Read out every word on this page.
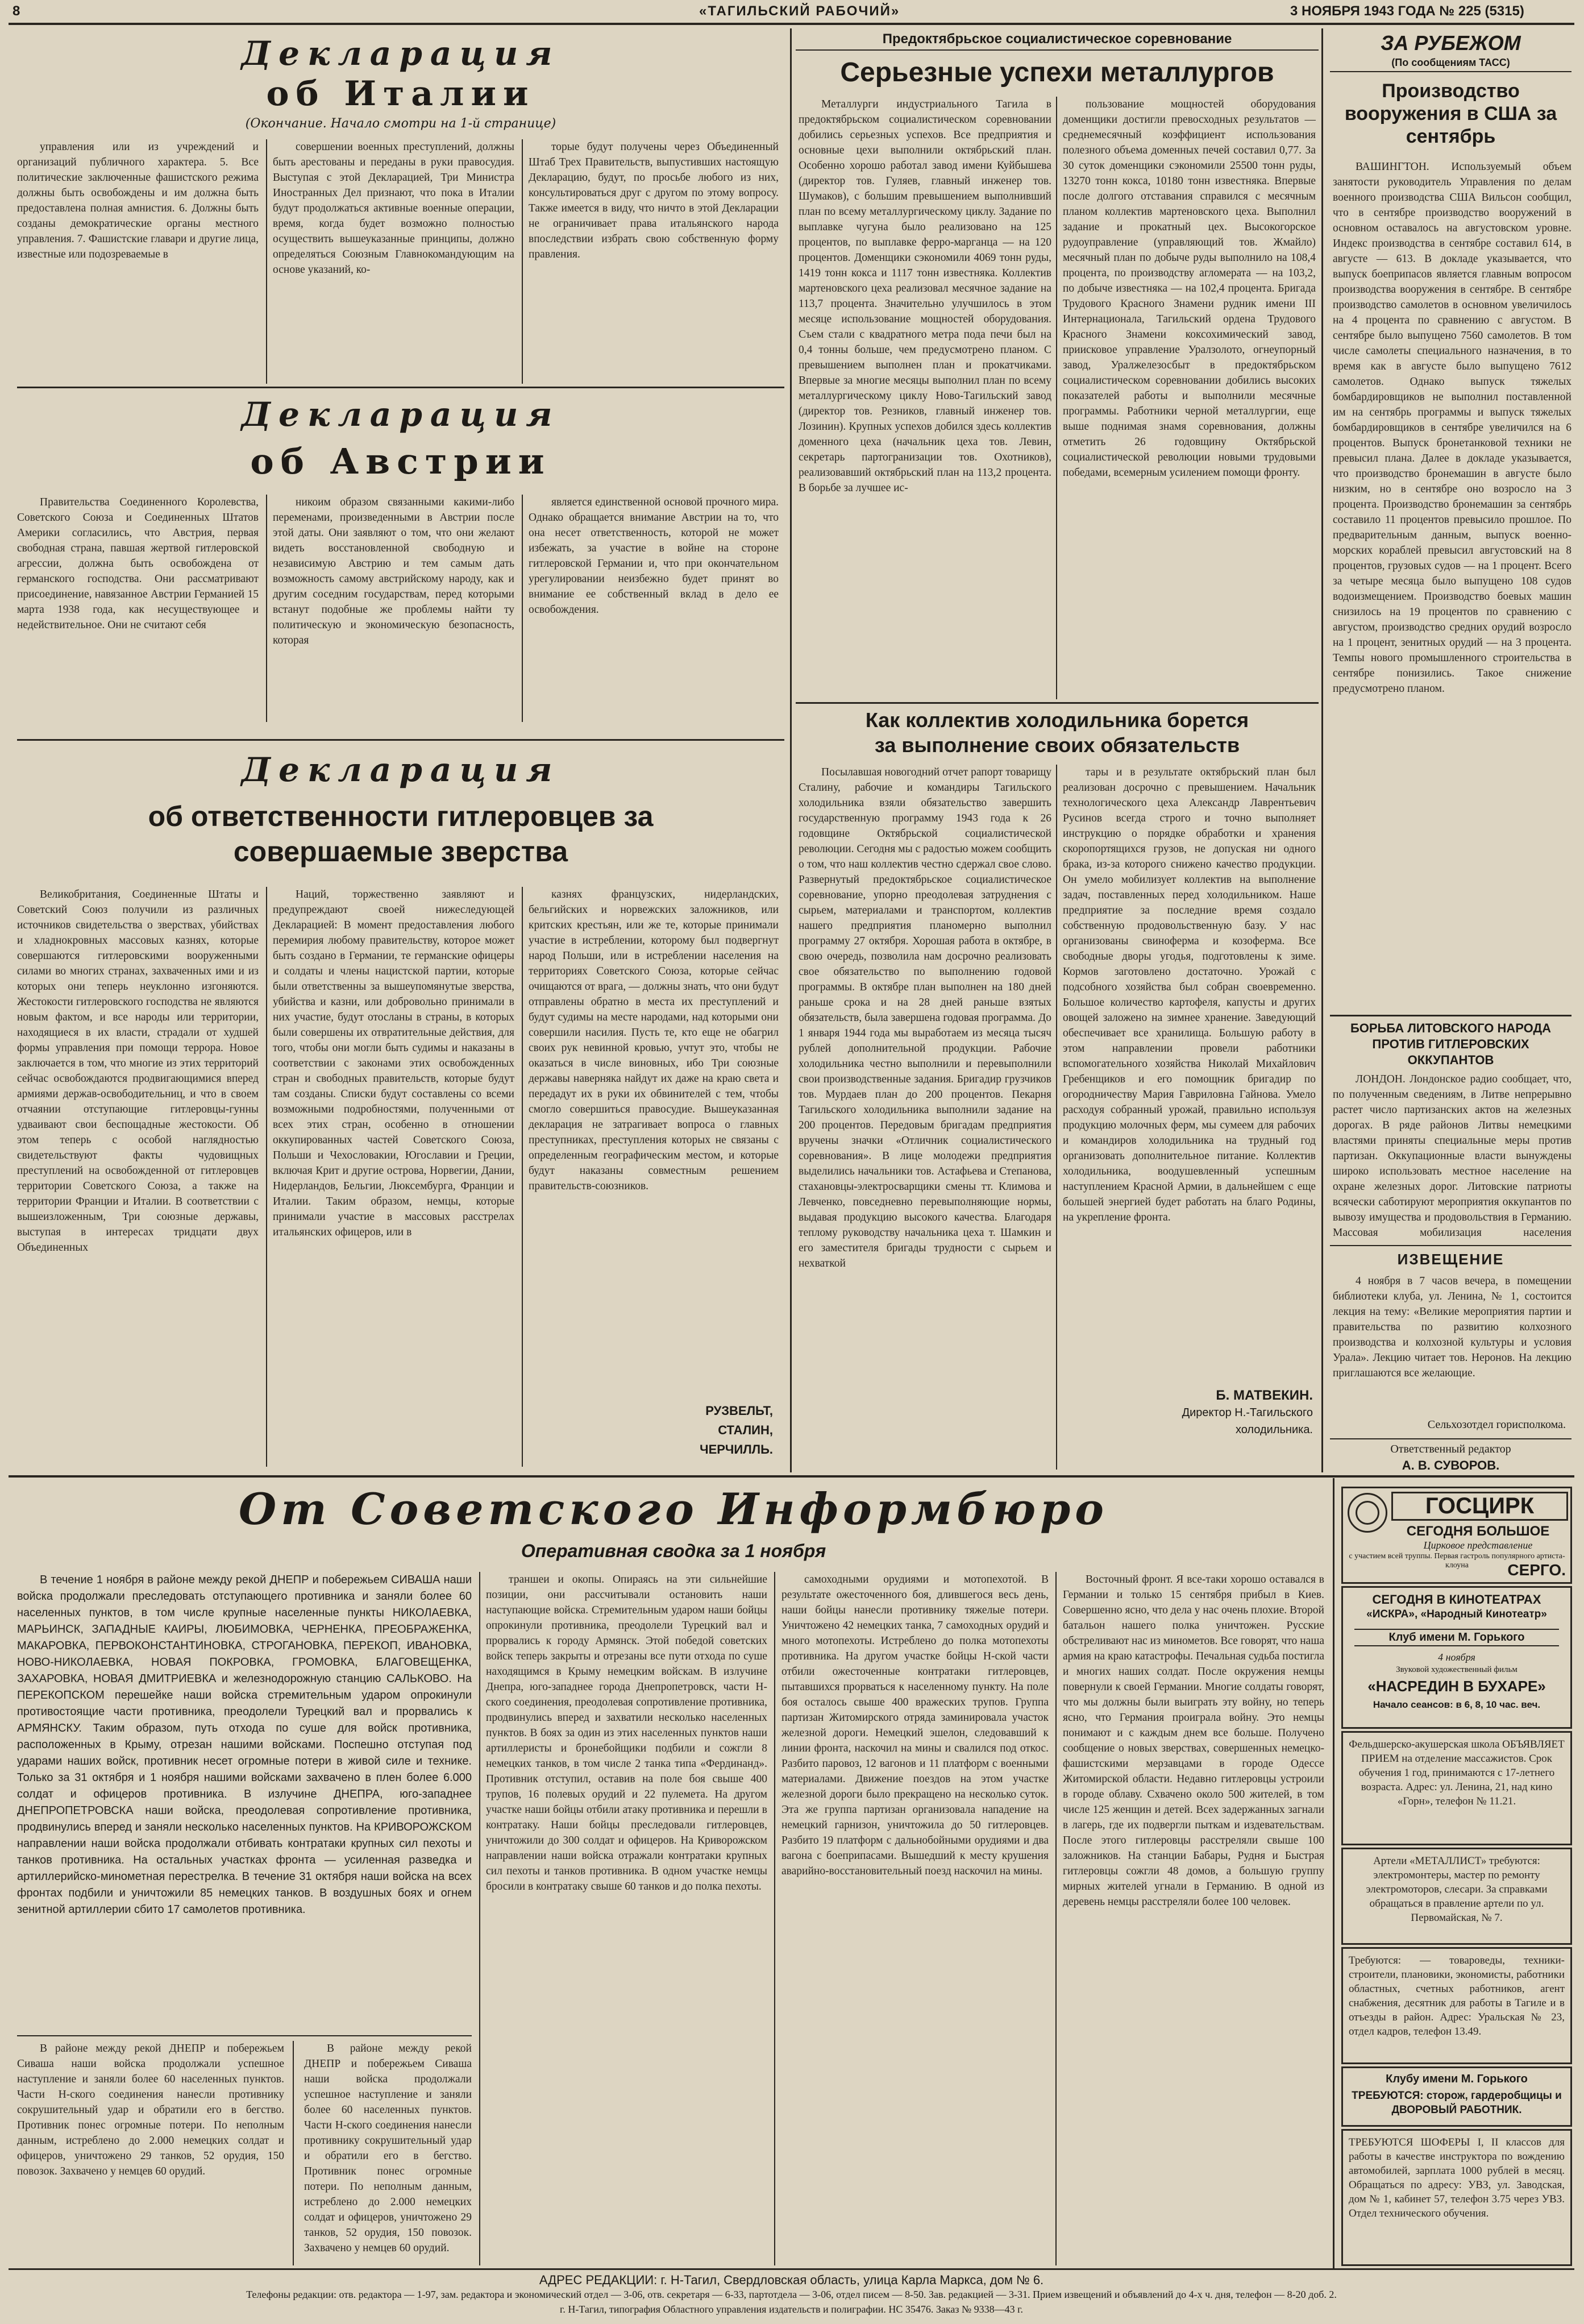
8	«ТАГИЛЬСКИЙ РАБОЧИЙ»	3 НОЯБРЯ 1943 ГОДА № 225 (5315)
Декларация
об Италии
(Окончание. Начало смотри на 1-й странице)
управления или из учреждений и организаций публичного характера. 5. Все политические заключенные фашистского режима должны быть освобождены и им должна быть предоставлена полная амнистия. 6. Должны быть созданы демократические органы местного управления. 7. Фашистские главари и другие лица, известные или подозреваемые в
совершении военных преступлений, должны быть арестованы и переданы в руки правосудия. Выступая с этой Декларацией, Три Министра Иностранных Дел признают, что пока в Италии будут продолжаться активные военные операции, время, когда будет возможно полностью осуществить вышеуказанные принципы, должно определяться Союзным Главнокомандующим на основе указаний, ко-
торые будут получены через Объединенный Штаб Трех Правительств, выпустивших настоящую Декларацию, будут, по просьбе любого из них, консультироваться друг с другом по этому вопросу. Также имеется в виду, что ничто в этой Декларации не ограничивает права итальянского народа впоследствии избрать свою собственную форму правления.
Декларация
об Австрии
Правительства Соединенного Королевства, Советского Союза и Соединенных Штатов Америки согласились, что Австрия, первая свободная страна, павшая жертвой гитлеровской агрессии, должна быть освобождена от германского господства. Они рассматривают присоединение, навязанное Австрии Германией 15 марта 1938 года, как несуществующее и недействительное. Они не считают себя
никоим образом связанными какими-либо переменами, произведенными в Австрии после этой даты. Они заявляют о том, что они желают видеть восстановленной свободную и независимую Австрию и тем самым дать возможность самому австрийскому народу, как и другим соседним государствам, перед которыми встанут подобные же проблемы найти ту политическую и экономическую безопасность, которая
является единственной основой прочного мира. Однако обращается внимание Австрии на то, что она несет ответственность, которой не может избежать, за участие в войне на стороне гитлеровской Германии и, что при окончательном урегулировании неизбежно будет принят во внимание ее собственный вклад в дело ее освобождения.
Декларация
об ответственности гитлеровцев за совершаемые зверства
Великобритания, Соединенные Штаты и Советский Союз получили из различных источников свидетельства о зверствах, убийствах и хладнокровных массовых казнях, которые совершаются гитлеровскими вооруженными силами во многих странах, захваченных ими и из которых они теперь неуклонно изгоняются. Жестокости гитлеровского господства не являются новым фактом, и все народы или территории, находящиеся в их власти, страдали от худшей формы управления при помощи террора. Новое заключается в том, что многие из этих территорий сейчас освобождаются продвигающимися вперед армиями держав-освободительниц, и что в своем отчаянии отступающие гитлеровцы-гунны удваивают свои беспощадные жестокости. Об этом теперь с особой наглядностью свидетельствуют факты чудовищных преступлений на освобожденной от гитлеровцев территории Советского Союза, а также на территории Франции и Италии. В соответствии с вышеизложенным, Три союзные державы, выступая в интересах тридцати двух Объединенных
Наций, торжественно заявляют и предупреждают своей нижеследующей Декларацией: В момент предоставления любого перемирия любому правительству, которое может быть создано в Германии, те германские офицеры и солдаты и члены нацистской партии, которые были ответственны за вышеупомянутые зверства, убийства и казни, или добровольно принимали в них участие, будут отосланы в страны, в которых были совершены их отвратительные действия, для того, чтобы они могли быть судимы и наказаны в соответствии с законами этих освобожденных стран и свободных правительств, которые будут там созданы. Списки будут составлены со всеми возможными подробностями, полученными от всех этих стран, особенно в отношении оккупированных частей Советского Союза, Польши и Чехословакии, Югославии и Греции, включая Крит и другие острова, Норвегии, Дании, Нидерландов, Бельгии, Люксембурга, Франции и Италии. Таким образом, немцы, которые принимали участие в массовых расстрелах итальянских офицеров, или в
казнях французских, нидерландских, бельгийских и норвежских заложников, или критских крестьян, или же те, которые принимали участие в истреблении, которому был подвергнут народ Польши, или в истреблении населения на территориях Советского Союза, которые сейчас очищаются от врага, — должны знать, что они будут отправлены обратно в места их преступлений и будут судимы на месте народами, над которыми они совершили насилия. Пусть те, кто еще не обагрил своих рук невинной кровью, учтут это, чтобы не оказаться в числе виновных, ибо Три союзные державы наверняка найдут их даже на краю света и передадут их в руки их обвинителей с тем, чтобы смогло совершиться правосудие. Вышеуказанная декларация не затрагивает вопроса о главных преступниках, преступления которых не связаны с определенным географическим местом, и которые будут наказаны совместным решением правительств-союзников.
РУЗВЕЛЬТ,
СТАЛИН,
ЧЕРЧИЛЛЬ.
Предоктябрьское социалистическое соревнование
Серьезные успехи металлургов
Металлурги индустриального Тагила в предоктябрьском социалистическом соревновании добились серьезных успехов. Все предприятия и основные цехи выполнили октябрьский план. Особенно хорошо работал завод имени Куйбышева (директор тов. Гуляев, главный инженер тов. Шумаков), с большим превышением выполнивший план по всему металлургическому циклу. Задание по выплавке чугуна было реализовано на 125 процентов, по выплавке ферро-марганца — на 120 процентов. Доменщики сэкономили 4069 тонн руды, 1419 тонн кокса и 1117 тонн известняка. Коллектив мартеновского цеха реализовал месячное задание на 113,7 процента. Значительно улучшилось в этом месяце использование мощностей оборудования. Съем стали с квадратного метра пода печи был на 0,4 тонны больше, чем предусмотрено планом. С превышением выполнен план и прокатчиками. Впервые за многие месяцы выполнил план по всему металлургическому циклу Ново-Тагильский завод (директор тов. Резников, главный инженер тов. Лозинин). Крупных успехов добился здесь коллектив доменного цеха (начальник цеха тов. Левин, секретарь партогранизации тов. Охотников), реализовавший октябрьский план на 113,2 процента. В борьбе за лучшее ис-
пользование мощностей оборудования доменщики достигли превосходных результатов — среднемесячный коэффициент использования полезного объема доменных печей составил 0,77. За 30 суток доменщики сэкономили 25500 тонн руды, 13270 тонн кокса, 10180 тонн известняка. Впервые после долгого отставания справился с месячным планом коллектив мартеновского цеха. Выполнил задание и прокатный цех. Высокогорское рудоуправление (управляющий тов. Жмайло) месячный план по добыче руды выполнило на 108,4 процента, по производству агломерата — на 103,2, по добыче известняка — на 102,4 процента. Бригада Трудового Красного Знамени рудник имени III Интернационала, Тагильский ордена Трудового Красного Знамени коксохимический завод, приисковое управление Уралзолото, огнеупорный завод, Уралжелезосбыт в предоктябрьском социалистическом соревновании добились высоких показателей работы и выполнили месячные программы. Работники черной металлургии, еще выше поднимая знамя соревнования, должны отметить 26 годовщину Октябрьской социалистической революции новыми трудовыми победами, всемерным усилением помощи фронту.
Как коллектив холодильника борется
за выполнение своих обязательств
Посылавшая новогодний отчет рапорт товарищу Сталину, рабочие и командиры Тагильского холодильника взяли обязательство завершить государственную программу 1943 года к 26 годовщине Октябрьской социалистической революции. Сегодня мы с радостью можем сообщить о том, что наш коллектив честно сдержал свое слово. Развернутый предоктябрьское социалистическое соревнование, упорно преодолевая затруднения с сырьем, материалами и транспортом, коллектив нашего предприятия планомерно выполнил программу 27 октября. Хорошая работа в октябре, в свою очередь, позволила нам досрочно реализовать свое обязательство по выполнению годовой программы. В октябре план выполнен на 180 дней раньше срока и на 28 дней раньше взятых обязательств, была завершена годовая программа. До 1 января 1944 года мы выработаем из месяца тысяч рублей дополнительной продукции. Рабочие холодильника честно выполнили и перевыполнили свои производственные задания. Бригадир грузчиков тов. Мурдаев план до 200 процентов. Пекарня Тагильского холодильника выполнили задание на 200 процентов. Передовым бригадам предприятия вручены значки «Отличник социалистического соревнования». В лице молодежи предприятия выделились начальники тов. Астафьева и Степанова, стахановцы-электросварщики смены тт. Климова и Левченко, повседневно перевыполняющие нормы, выдавая продукцию высокого качества. Благодаря теплому руководству начальника цеха т. Шамкин и его заместителя бригады трудности с сырьем и нехваткой
тары и в результате октябрьский план был реализован досрочно с превышением. Начальник технологического цеха Александр Лаврентьевич Русинов всегда строго и точно выполняет инструкцию о порядке обработки и хранения скоропортящихся грузов, не допуская ни одного брака, из-за которого снижено качество продукции. Он умело мобилизует коллектив на выполнение задач, поставленных перед холодильником. Наше предприятие за последние время создало собственную продовольственную базу. У нас организованы свиноферма и козоферма. Все свободные дворы угодья, подготовлены к зиме. Кормов заготовлено достаточно. Урожай с подсобного хозяйства был собран своевременно. Большое количество картофеля, капусты и других овощей заложено на зимнее хранение. Заведующий обеспечивает все хранилища. Большую работу в этом направлении провели работники вспомогательного хозяйства Николай Михайлович Гребенщиков и его помощник бригадир по огородничеству Мария Гавриловна Гайнова. Умело расходуя собранный урожай, правильно используя продукцию молочных ферм, мы сумеем для рабочих и командиров холодильника на трудный год организовать дополнительное питание. Коллектив холодильника, воодушевленный успешным наступлением Красной Армии, в дальнейшем с еще большей энергией будет работать на благо Родины, на укрепление фронта.
Б. МАТВЕКИН.
Директор Н.-Тагильского
холодильника.
ЗА РУБЕЖОМ
(По сообщениям ТАСС)
Производство вооружения в США за сентябрь
ВАШИНГТОН. Используемый объем занятости руководитель Управления по делам военного производства США Вильсон сообщил, что в сентябре производство вооружений в основном оставалось на августовском уровне. Индекс производства в сентябре составил 614, в августе — 613. В докладе указывается, что выпуск боеприпасов является главным вопросом производства вооружения в сентябре. В сентябре производство самолетов в основном увеличилось на 4 процента по сравнению с августом. В сентябре было выпущено 7560 самолетов. В том числе самолеты специального назначения, в то время как в августе было выпущено 7612 самолетов. Однако выпуск тяжелых бомбардировщиков не выполнил поставленной им на сентябрь программы и выпуск тяжелых бомбардировщиков в сентябре увеличился на 6 процентов. Выпуск бронетанковой техники не превысил плана. Далее в докладе указывается, что производство бронемашин в августе было низким, но в сентябре оно возросло на 3 процента. Производство бронемашин за сентябрь составило 11 процентов превысило прошлое. По предварительным данным, выпуск военно-морских кораблей превысил августовский на 8 процентов, грузовых судов — на 1 процент. Всего за четыре месяца было выпущено 108 судов водоизмещением. Производство боевых машин снизилось на 19 процентов по сравнению с августом, производство средних орудий возросло на 1 процент, зенитных орудий — на 3 процента. Темпы нового промышленного строительства в сентябре понизились. Такое снижение предусмотрено планом.
БОРЬБА ЛИТОВСКОГО НАРОДА ПРОТИВ ГИТЛЕРОВСКИХ ОККУПАНТОВ
ЛОНДОН. Лондонское радио сообщает, что, по полученным сведениям, в Литве непрерывно растет число партизанских актов на железных дорогах. В ряде районов Литвы немецкими властями приняты специальные меры против партизан. Оккупационные власти вынуждены широко использовать местное население на охране железных дорог. Литовские патриоты всячески саботируют мероприятия оккупантов по вывозу имущества и продовольствия в Германию. Массовая мобилизация населения
ИЗВЕЩЕНИЕ
4 ноября в 7 часов вечера, в помещении библиотеки клуба, ул. Ленина, № 1, состоится лекция на тему: «Великие мероприятия партии и правительства по развитию колхозного производства и колхозной культуры и условия Урала». Лекцию читает тов. Неронов. На лекцию приглашаются все желающие.
Сельхозотдел горисполкома.
Ответственный редактор
А. В. СУВОРОВ.
От Советского Информбюро
Оперативная сводка за 1 ноября
В течение 1 ноября в районе между рекой ДНЕПР и побережьем СИВАША наши войска продолжали преследовать отступающего противника и заняли более 60 населенных пунктов, в том числе крупные населенные пункты НИКОЛАЕВКА, МАРЬИНСК, ЗАПАДНЫЕ КАИРЫ, ЛЮБИМОВКА, ЧЕРНЕНКА, ПРЕОБРАЖЕНКА, МАКАРОВКА, ПЕРВОКОНСТАНТИНОВКА, СТРОГАНОВКА, ПЕРЕКОП, ИВАНОВКА, НОВО-НИКОЛАЕВКА, НОВАЯ ПОКРОВКА, ГРОМОВКА, БЛАГОВЕЩЕНКА, ЗАХАРОВКА, НОВАЯ ДМИТРИЕВКА и железнодорожную станцию САЛЬКОВО. На ПЕРЕКОПСКОМ перешейке наши войска стремительным ударом опрокинули противостоящие части противника, преодолели Турецкий вал и прорвались к АРМЯНСКУ. Таким образом, путь отхода по суше для войск противника, расположенных в Крыму, отрезан нашими войсками. Поспешно отступая под ударами наших войск, противник несет огромные потери в живой силе и технике. Только за 31 октября и 1 ноября нашими войсками захвачено в плен более 6.000 солдат и офицеров противника. В излучине ДНЕПРА, юго-западнее ДНЕПРОПЕТРОВСКА наши войска, преодолевая сопротивление противника, продвинулись вперед и заняли несколько населенных пунктов. На КРИВОРОЖСКОМ направлении наши войска продолжали отбивать контратаки крупных сил пехоты и танков противника. На остальных участках фронта — усиленная разведка и артиллерийско-минометная перестрелка. В течение 31 октября наши войска на всех фронтах подбили и уничтожили 85 немецких танков. В воздушных боях и огнем зенитной артиллерии сбито 17 самолетов противника.
В районе между рекой ДНЕПР и побережьем Сиваша наши войска продолжали успешное наступление и заняли более 60 населенных пунктов. Части Н-ского соединения нанесли противнику сокрушительный удар и обратили его в бегство. Противник понес огромные потери. По неполным данным, истреблено до 2.000 немецких солдат и офицеров, уничтожено 29 танков, 52 орудия, 150 повозок. Захвачено у немцев 60 орудий.
В районе между рекой ДНЕПР и побережьем Сиваша наши войска продолжали успешное наступление и заняли более 60 населенных пунктов. Части Н-ского соединения нанесли противнику сокрушительный удар и обратили его в бегство. Противник понес огромные потери. По неполным данным, истреблено до 2.000 немецких солдат и офицеров, уничтожено 29 танков, 52 орудия, 150 повозок. Захвачено у немцев 60 орудий.
траншеи и окопы. Опираясь на эти сильнейшие позиции, они рассчитывали остановить наши наступающие войска. Стремительным ударом наши бойцы опрокинули противника, преодолели Турецкий вал и прорвались к городу Армянск. Этой победой советских войск теперь закрыты и отрезаны все пути отхода по суше находящимся в Крыму немецким войскам. В излучине Днепра, юго-западнее города Днепропетровск, части Н-ского соединения, преодолевая сопротивление противника, продвинулись вперед и захватили несколько населенных пунктов. В боях за один из этих населенных пунктов наши артиллеристы и бронебойщики подбили и сожгли 8 немецких танков, в том числе 2 танка типа «Фердинанд». Противник отступил, оставив на поле боя свыше 400 трупов, 16 полевых орудий и 22 пулемета. На другом участке наши бойцы отбили атаку противника и перешли в контратаку. Наши бойцы преследовали гитлеровцев, уничтожили до 300 солдат и офицеров. На Криворожском направлении наши войска отражали контратаки крупных сил пехоты и танков противника. В одном участке немцы бросили в контратаку свыше 60 танков и до полка пехоты.
самоходными орудиями и мотопехотой. В результате ожесточенного боя, длившегося весь день, наши бойцы нанесли противнику тяжелые потери. Уничтожено 42 немецких танка, 7 самоходных орудий и много мотопехоты. Истреблено до полка мотопехоты противника. На другом участке бойцы Н-ской части отбили ожесточенные контратаки гитлеровцев, пытавшихся прорваться к населенному пункту. На поле боя осталось свыше 400 вражеских трупов. Группа партизан Житомирского отряда заминировала участок железной дороги. Немецкий эшелон, следовавший к линии фронта, наскочил на мины и свалился под откос. Разбито паровоз, 12 вагонов и 11 платформ с военными материалами. Движение поездов на этом участке железной дороги было прекращено на несколько суток. Эта же группа партизан организовала нападение на немецкий гарнизон, уничтожила до 50 гитлеровцев. Разбито 19 платформ с дальнобойными орудиями и два вагона с боеприпасами. Вышедший к месту крушения аварийно-восстановительный поезд наскочил на мины.
Восточный фронт. Я все-таки хорошо оставался в Германии и только 15 сентября прибыл в Киев. Совершенно ясно, что дела у нас очень плохие. Второй батальон нашего полка уничтожен. Русские обстреливают нас из минометов. Все говорят, что наша армия на краю катастрофы. Печальная судьба постигла и многих наших солдат. После окружения немцы повернули к своей Германии. Многие солдаты говорят, что мы должны были выиграть эту войну, но теперь ясно, что Германия проиграла войну. Это немцы понимают и с каждым днем все больше. Получено сообщение о новых зверствах, совершенных немецко-фашистскими мерзавцами в городе Одессе Житомирской области. Недавно гитлеровцы устроили в городе облаву. Схвачено около 500 жителей, в том числе 125 женщин и детей. Всех задержанных загнали в лагерь, где их подвергли пыткам и издевательствам. После этого гитлеровцы расстреляли свыше 100 заложников. На станции Бабары, Рудня и Быстрая гитлеровцы сожгли 48 домов, а большую группу мирных жителей угнали в Германию. В одной из деревень немцы расстреляли более 100 человек.
ГОСЦИРК
СЕГОДНЯ БОЛЬШОЕ
Цирковое представление
с участием всей труппы. Первая гастроль популярного артиста-клоуна	СЕРГО.
СЕГОДНЯ В КИНОТЕАТРАХ
«ИСКРА», «Народный Кинотеатр»
Клуб имени М. Горького
4 ноября
Звуковой художественный фильм
«НАСРЕДИН В БУХАРЕ»
Начало сеансов: в 6, 8, 10 час. веч.
Фельдшерско-акушерская школа ОБЪЯВЛЯЕТ ПРИЕМ на отделение массажистов. Срок обучения 1 год, принимаются с 17-летнего возраста. Адрес: ул. Ленина, 21, над кино «Горн», телефон № 11.21.
Артели «МЕТАЛЛИСТ» требуются: электромонтеры, мастер по ремонту электромоторов, слесари. За справками обращаться в правление артели по ул. Первомайская, № 7.
Требуются: — товароведы, техники-строители, плановики, экономисты, работники областных, счетных работников, агент снабжения, десятник для работы в Тагиле и в отъезды в район. Адрес: Уральская № 23, отдел кадров, телефон 13.49.
Клубу имени М. Горького
ТРЕБУЮТСЯ: сторож, гардеробщицы и ДВОРОВЫЙ РАБОТНИК.
ТРЕБУЮТСЯ ШОФЕРЫ I, II классов для работы в качестве инструктора по вождению автомобилей, зарплата 1000 рублей в месяц. Обращаться по адресу: УВЗ, ул. Заводская, дом № 1, кабинет 57, телефон 3.75 через УВЗ. Отдел технического обучения.
АДРЕС РЕДАКЦИИ: г. Н-Тагил, Свердловская область, улица Карла Маркса, дом № 6.
Телефоны редакции: отв. редактора — 1-97, зам. редактора и экономический отдел — 3-06, отв. секретаря — 6-33, партотдела — 3-06, отдел писем — 8-50. Зав. редакцией — 3-31. Прием извещений и объявлений до 4-х ч. дня, телефон — 8-20 доб. 2.
г. Н-Тагил, типография Областного управления издательств и полиграфии. НС 35476. Заказ № 9338—43 г.
